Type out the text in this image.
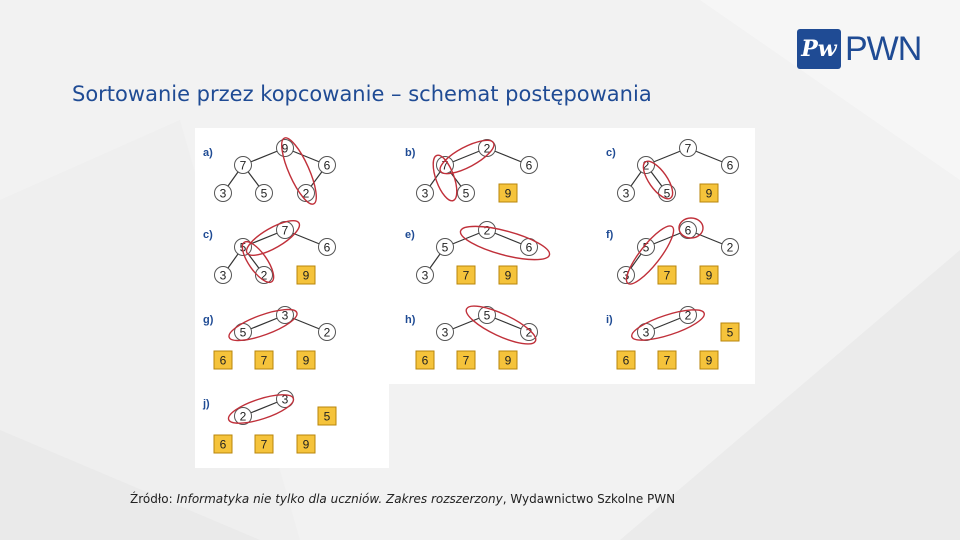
Pw PWN
Sortowanie przez kopcowanie – schemat postępowania
9
7	6
3	5	2
a)
9
2
7	6
3	5
b)
9
7
2	6
3	5
c)
9
7
5	6
3	2
c)
7	9
2
5	6
3
e)
7	9
6
5	2
3
f)
6	7	9
3
5	2
g)
6	7	9
5
3	2
h)
5
6	7	9
2
3
i)
5
6	7	9
3
2
j)
Źródło: Informatyka nie tylko dla uczniów. Zakres rozszerzony, Wydawnictwo Szkolne PWN
